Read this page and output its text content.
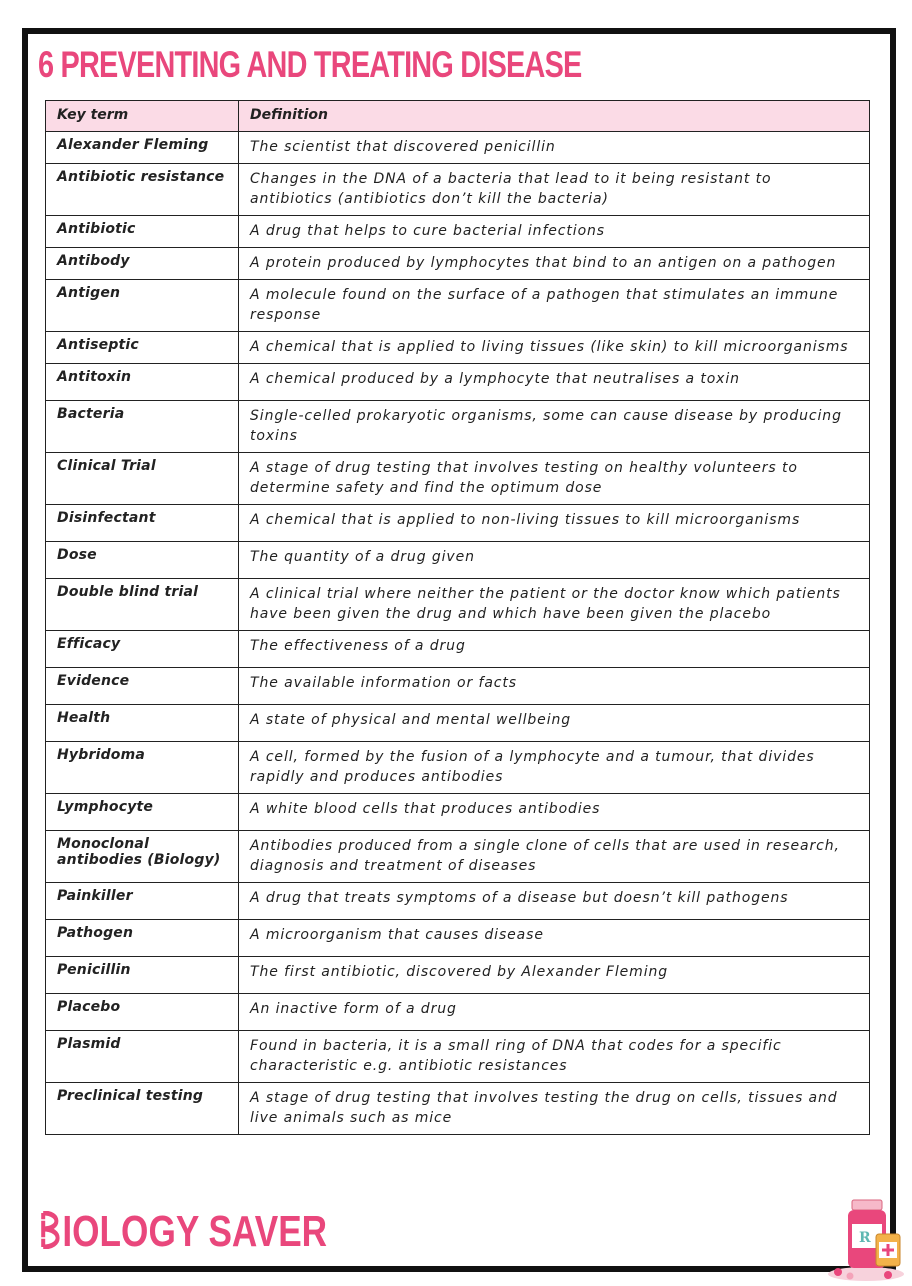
6 PREVENTING AND TREATING DISEASE
Key term	Definition
Alexander Fleming	The scientist that discovered penicillin
Antibiotic resistance	Changes in the DNA of a bacteria that lead to it being resistant to antibiotics (antibiotics don’t kill the bacteria)
Antibiotic	A drug that helps to cure bacterial infections
Antibody	A protein produced by lymphocytes that bind to an antigen on a pathogen
Antigen	A molecule found on the surface of a pathogen that stimulates an immune response
Antiseptic	A chemical that is applied to living tissues (like skin) to kill microorganisms
Antitoxin	A chemical produced by a lymphocyte that neutralises a toxin
Bacteria	Single-celled prokaryotic organisms, some can cause disease by producing toxins
Clinical Trial	A stage of drug testing that involves testing on healthy volunteers to determine safety and find the optimum dose
Disinfectant	A chemical that is applied to non-living tissues to kill microorganisms
Dose	The quantity of a drug given
Double blind trial	A clinical trial where neither the patient or the doctor know which patients have been given the drug and which have been given the placebo
Efficacy	The effectiveness of a drug
Evidence	The available information or facts
Health	A state of physical and mental wellbeing
Hybridoma	A cell, formed by the fusion of a lymphocyte and a tumour, that divides rapidly and produces antibodies
Lymphocyte	A white blood cells that produces antibodies
Monoclonal antibodies (Biology)	Antibodies produced from a single clone of cells that are used in research, diagnosis and treatment of diseases
Painkiller	A drug that treats symptoms of a disease but doesn’t kill pathogens
Pathogen	A microorganism that causes disease
Penicillin	The first antibiotic, discovered by Alexander Fleming
Placebo	An inactive form of a drug
Plasmid	Found in bacteria, it is a small ring of DNA that codes for a specific characteristic e.g. antibiotic resistances
Preclinical testing	A stage of drug testing that involves testing the drug on cells, tissues and live animals such as mice
IOLOGY SAVER	R
